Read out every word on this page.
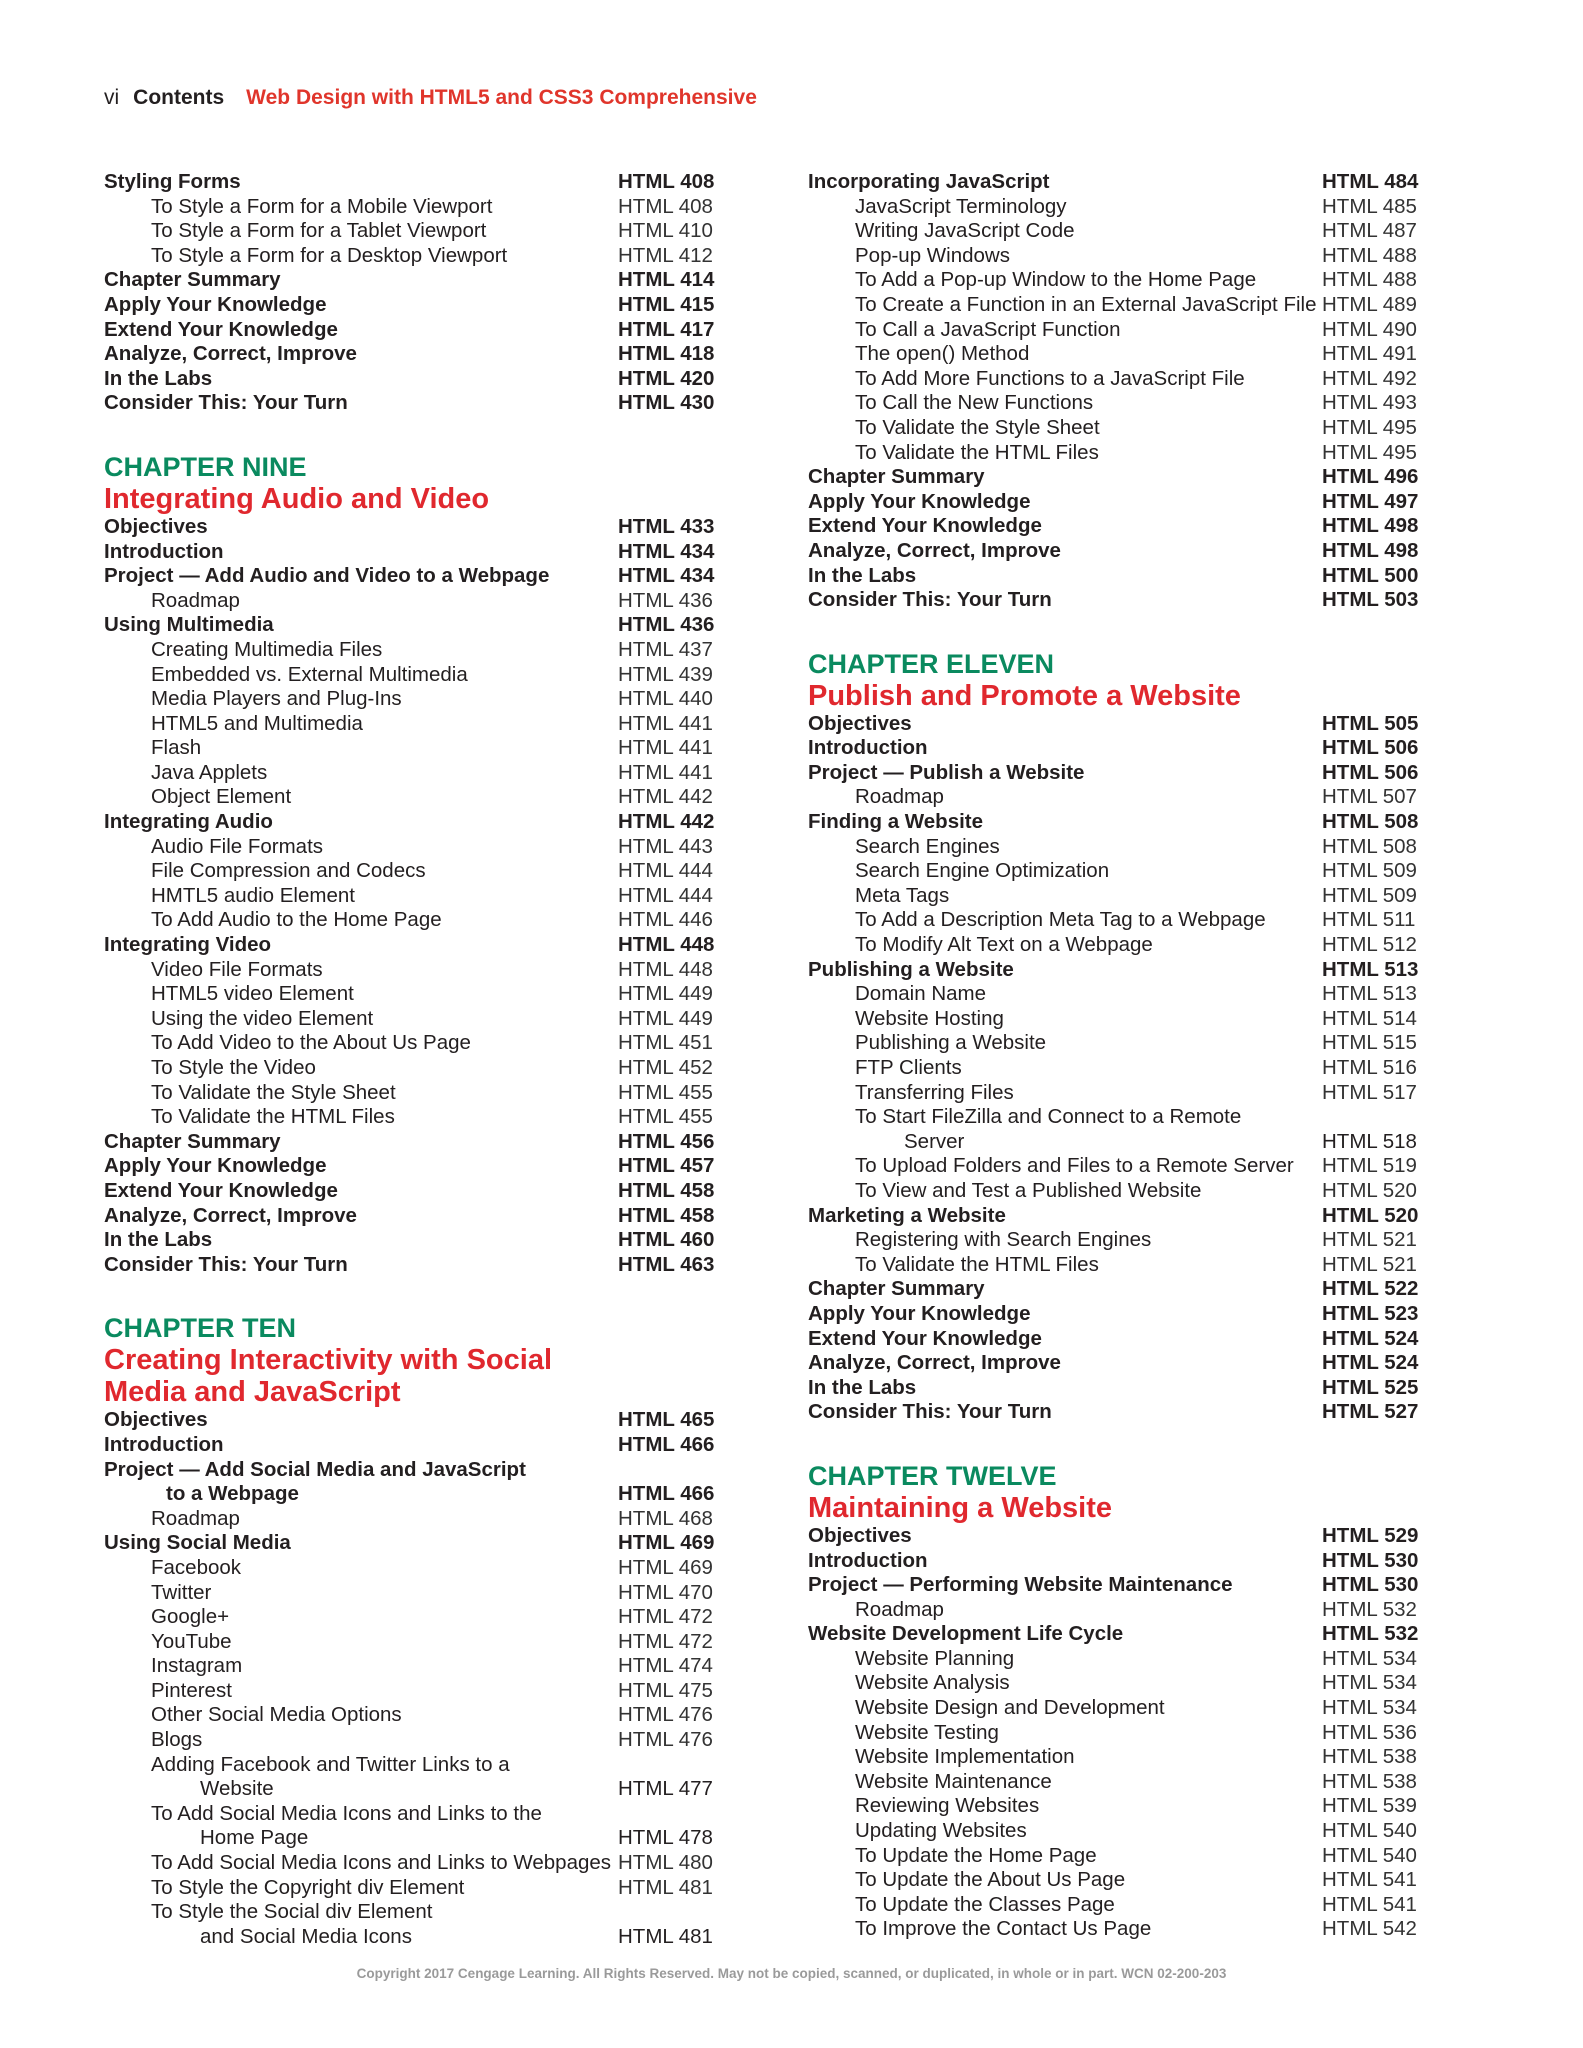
vi Contents Web Design with HTML5 and CSS3 Comprehensive
Styling Forms	HTML 408
To Style a Form for a Mobile Viewport	HTML 408
To Style a Form for a Tablet Viewport	HTML 410
To Style a Form for a Desktop Viewport	HTML 412
Chapter Summary	HTML 414
Apply Your Knowledge	HTML 415
Extend Your Knowledge	HTML 417
Analyze, Correct, Improve	HTML 418
In the Labs	HTML 420
Consider This: Your Turn	HTML 430
CHAPTER NINE
Integrating Audio and Video
Objectives	HTML 433
Introduction	HTML 434
Project — Add Audio and Video to a Webpage	HTML 434
Roadmap	HTML 436
Using Multimedia	HTML 436
Creating Multimedia Files	HTML 437
Embedded vs. External Multimedia	HTML 439
Media Players and Plug-Ins	HTML 440
HTML5 and Multimedia	HTML 441
Flash	HTML 441
Java Applets	HTML 441
Object Element	HTML 442
Integrating Audio	HTML 442
Audio File Formats	HTML 443
File Compression and Codecs	HTML 444
HMTL5 audio Element	HTML 444
To Add Audio to the Home Page	HTML 446
Integrating Video	HTML 448
Video File Formats	HTML 448
HTML5 video Element	HTML 449
Using the video Element	HTML 449
To Add Video to the About Us Page	HTML 451
To Style the Video	HTML 452
To Validate the Style Sheet	HTML 455
To Validate the HTML Files	HTML 455
Chapter Summary	HTML 456
Apply Your Knowledge	HTML 457
Extend Your Knowledge	HTML 458
Analyze, Correct, Improve	HTML 458
In the Labs	HTML 460
Consider This: Your Turn	HTML 463
CHAPTER TEN
Creating Interactivity with Social
Media and JavaScript
Objectives	HTML 465
Introduction	HTML 466
Project — Add Social Media and JavaScript
to a Webpage	HTML 466
Roadmap	HTML 468
Using Social Media	HTML 469
Facebook	HTML 469
Twitter	HTML 470
Google+	HTML 472
YouTube	HTML 472
Instagram	HTML 474
Pinterest	HTML 475
Other Social Media Options	HTML 476
Blogs	HTML 476
Adding Facebook and Twitter Links to a
Website	HTML 477
To Add Social Media Icons and Links to the
Home Page	HTML 478
To Add Social Media Icons and Links to Webpages HTML 480
To Style the Copyright div Element	HTML 481
To Style the Social div Element
and Social Media Icons	HTML 481
Incorporating JavaScript	HTML 484
JavaScript Terminology	HTML 485
Writing JavaScript Code	HTML 487
Pop-up Windows	HTML 488
To Add a Pop-up Window to the Home Page	HTML 488
To Create a Function in an External JavaScript File HTML 489
To Call a JavaScript Function	HTML 490
The open() Method	HTML 491
To Add More Functions to a JavaScript File	HTML 492
To Call the New Functions	HTML 493
To Validate the Style Sheet	HTML 495
To Validate the HTML Files	HTML 495
Chapter Summary	HTML 496
Apply Your Knowledge	HTML 497
Extend Your Knowledge	HTML 498
Analyze, Correct, Improve	HTML 498
In the Labs	HTML 500
Consider This: Your Turn	HTML 503
CHAPTER ELEVEN
Publish and Promote a Website
Objectives	HTML 505
Introduction	HTML 506
Project — Publish a Website	HTML 506
Roadmap	HTML 507
Finding a Website	HTML 508
Search Engines	HTML 508
Search Engine Optimization	HTML 509
Meta Tags	HTML 509
To Add a Description Meta Tag to a Webpage	HTML 511
To Modify Alt Text on a Webpage	HTML 512
Publishing a Website	HTML 513
Domain Name	HTML 513
Website Hosting	HTML 514
Publishing a Website	HTML 515
FTP Clients	HTML 516
Transferring Files	HTML 517
To Start FileZilla and Connect to a Remote
Server	HTML 518
To Upload Folders and Files to a Remote Server HTML 519
To View and Test a Published Website	HTML 520
Marketing a Website	HTML 520
Registering with Search Engines	HTML 521
To Validate the HTML Files	HTML 521
Chapter Summary	HTML 522
Apply Your Knowledge	HTML 523
Extend Your Knowledge	HTML 524
Analyze, Correct, Improve	HTML 524
In the Labs	HTML 525
Consider This: Your Turn	HTML 527
CHAPTER TWELVE
Maintaining a Website
Objectives	HTML 529
Introduction	HTML 530
Project — Performing Website Maintenance	HTML 530
Roadmap	HTML 532
Website Development Life Cycle	HTML 532
Website Planning	HTML 534
Website Analysis	HTML 534
Website Design and Development	HTML 534
Website Testing	HTML 536
Website Implementation	HTML 538
Website Maintenance	HTML 538
Reviewing Websites	HTML 539
Updating Websites	HTML 540
To Update the Home Page	HTML 540
To Update the About Us Page	HTML 541
To Update the Classes Page	HTML 541
To Improve the Contact Us Page	HTML 542
Copyright 2017 Cengage Learning. All Rights Reserved. May not be copied, scanned, or duplicated, in whole or in part. WCN 02-200-203
